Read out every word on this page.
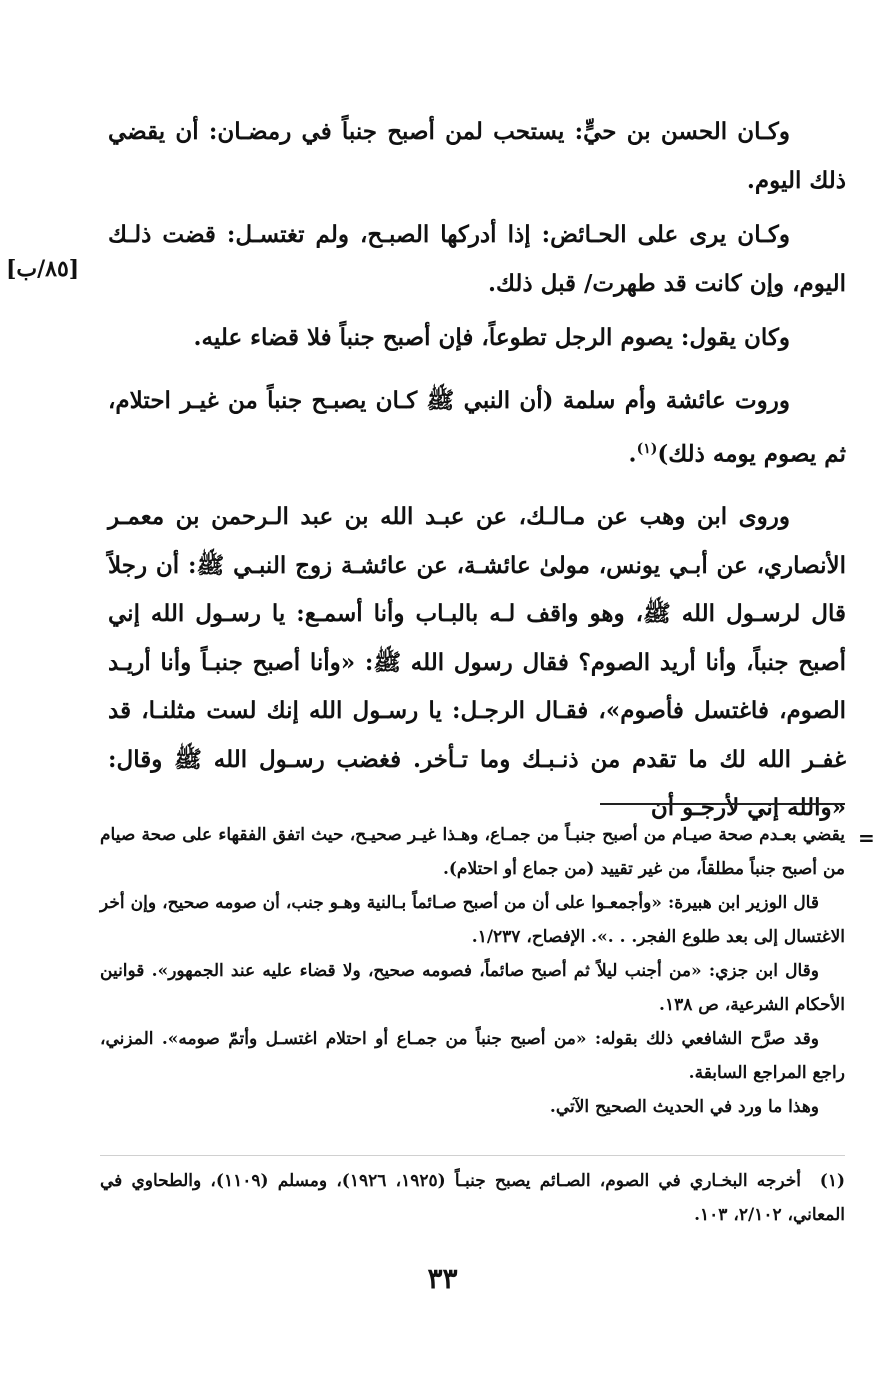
[٨٥/ب]

وكـان الحسن بن حيٍّ: يستحب لمن أصبح جنباً في رمضـان: أن يقضي ذلك اليوم.

وكـان يرى على الحـائض: إذا أدركها الصبـح، ولم تغتسـل: قضت ذلـك اليوم، وإن كانت قد طهرت/ قبل ذلك.

وكان يقول: يصوم الرجل تطوعاً، فإن أصبح جنباً فلا قضاء عليه.

وروت عائشة وأم سلمة (أن النبي ﷺ كـان يصبـح جنباً من غيـر احتلام، ثم يصوم يومه ذلك)$^{(١)}$.

وروى ابن وهب عن مـالـك، عن عبـد الله بن عبد الـرحمن بن معمـر الأنصاري، عن أبـي يونس، مولىٰ عائشـة، عن عائشـة زوج النبـي ﷺ: أن رجلاً قال لرسـول الله ﷺ، وهو واقف لـه بالبـاب وأنا أسمـع: يا رسـول الله إني أصبح جنباً، وأنا أريد الصوم؟ فقال رسول الله ﷺ: «وأنا أصبح جنبـاً وأنا أريـد الصوم، فاغتسل فأصوم»، فقـال الرجـل: يا رسـول الله إنك لست مثلنـا، قد غفـر الله لك ما تقدم من ذنـبـك وما تـأخر. فغضب رسـول الله ﷺ وقال: «والله إني لأرجـو أن

=

يقضي بعـدم صحة صيـام من أصبح جنبـاً من جمـاع، وهـذا غيـر صحيـح، حيث اتفق الفقهاء على صحة صيام من أصبح جنباً مطلقاً، من غير تقييد (من جماع أو احتلام).

قال الوزير ابن هبيرة: «وأجمعـوا على أن من أصبح صـائماً بـالنية وهـو جنب، أن صومه صحيح، وإن أخر الاغتسال إلى بعد طلوع الفجر. . .». الإفصاح، ١/٢٣٧.

وقال ابن جزي: «من أجنب ليلاً ثم أصبح صائماً، فصومه صحيح، ولا قضاء عليه عند الجمهور». قوانين الأحكام الشرعية، ص ١٣٨.

وقد صرَّح الشافعي ذلك بقوله: «من أصبح جنباً من جمـاع أو احتلام اغتسـل وأتمّ صومه». المزني، راجع المراجع السابقة.

وهذا ما ورد في الحديث الصحيح الآتي.

(١)أخرجه البخـاري في الصوم، الصـائم يصبح جنبـاً (١٩٢٥، ١٩٢٦)، ومسلم (١١٠٩)، والطحاوي في المعاني، ٢/١٠٢، ١٠٣.
٣٣
